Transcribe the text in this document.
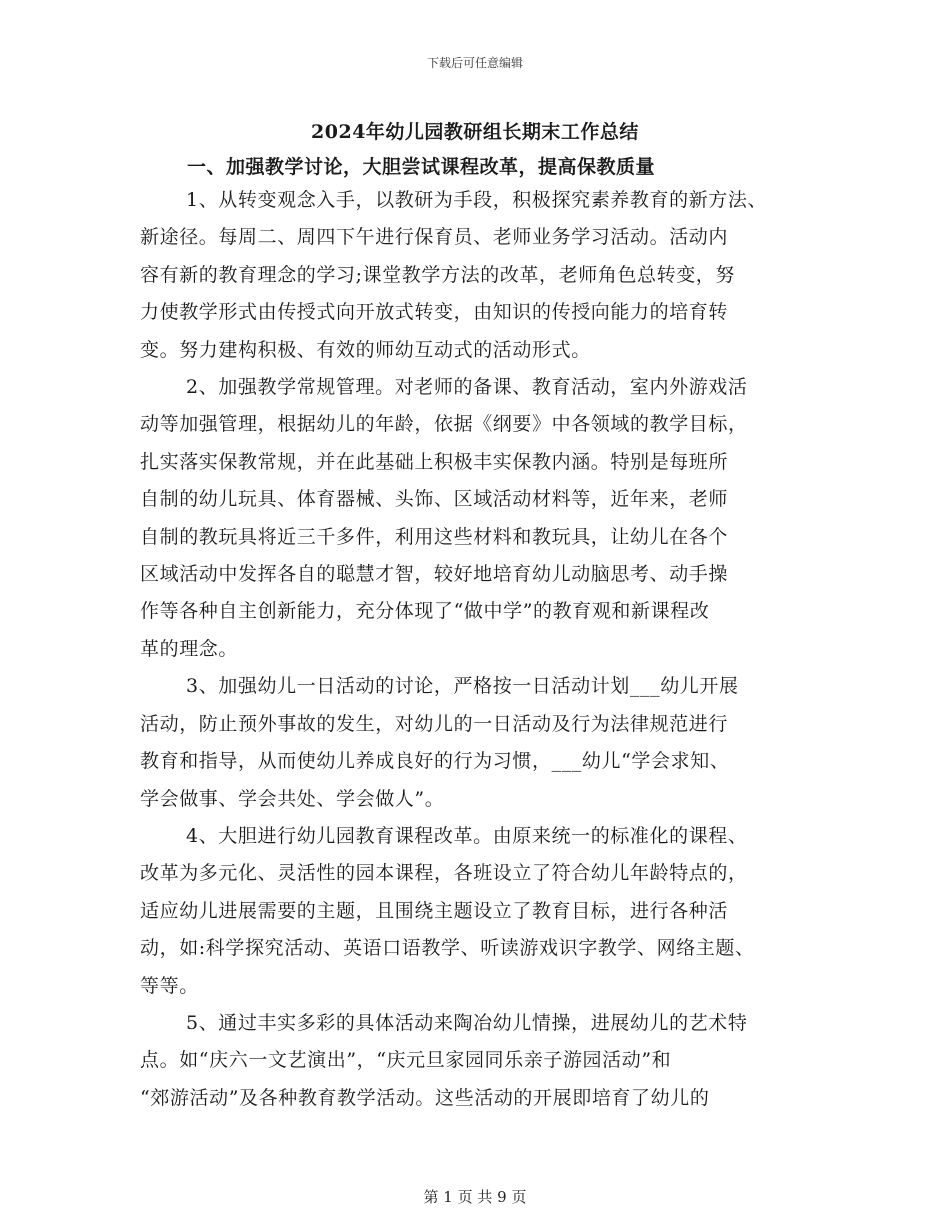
下载后可任意编辑
2024年幼儿园教研组长期末工作总结
一、加强教学讨论，大胆尝试课程改革，提高保教质量

1、从转变观念入手，以教研为手段，积极探究素养教育的新方法、
新途径。每周二、周四下午进行保育员、老师业务学习活动。活动内
容有新的教育理念的学习;课堂教学方法的改革，老师角色总转变，努
力使教学形式由传授式向开放式转变，由知识的传授向能力的培育转
变。努力建构积极、有效的师幼互动式的活动形式。

2、加强教学常规管理。对老师的备课、教育活动，室内外游戏活
动等加强管理，根据幼儿的年龄，依据《纲要》中各领域的教学目标，
扎实落实保教常规，并在此基础上积极丰实保教内涵。特别是每班所
自制的幼儿玩具、体育器械、头饰、区域活动材料等，近年来，老师
自制的教玩具将近三千多件，利用这些材料和教玩具，让幼儿在各个
区域活动中发挥各自的聪慧才智，较好地培育幼儿动脑思考、动手操
作等各种自主创新能力，充分体现了“做中学”的教育观和新课程改
革的理念。

3、加强幼儿一日活动的讨论，严格按一日活动计划___幼儿开展
活动，防止预外事故的发生，对幼儿的一日活动及行为法律规范进行
教育和指导，从而使幼儿养成良好的行为习惯，___幼儿“学会求知、
学会做事、学会共处、学会做人”。

4、大胆进行幼儿园教育课程改革。由原来统一的标准化的课程、
改革为多元化、灵活性的园本课程，各班设立了符合幼儿年龄特点的，
适应幼儿进展需要的主题，且围绕主题设立了教育目标，进行各种活
动，如:科学探究活动、英语口语教学、听读游戏识字教学、网络主题、
等等。

5、通过丰实多彩的具体活动来陶冶幼儿情操，进展幼儿的艺术特
点。如“庆六一文艺演出”，“庆元旦家园同乐亲子游园活动”和
“郊游活动”及各种教育教学活动。这些活动的开展即培育了幼儿的

第 1 页 共 9 页
